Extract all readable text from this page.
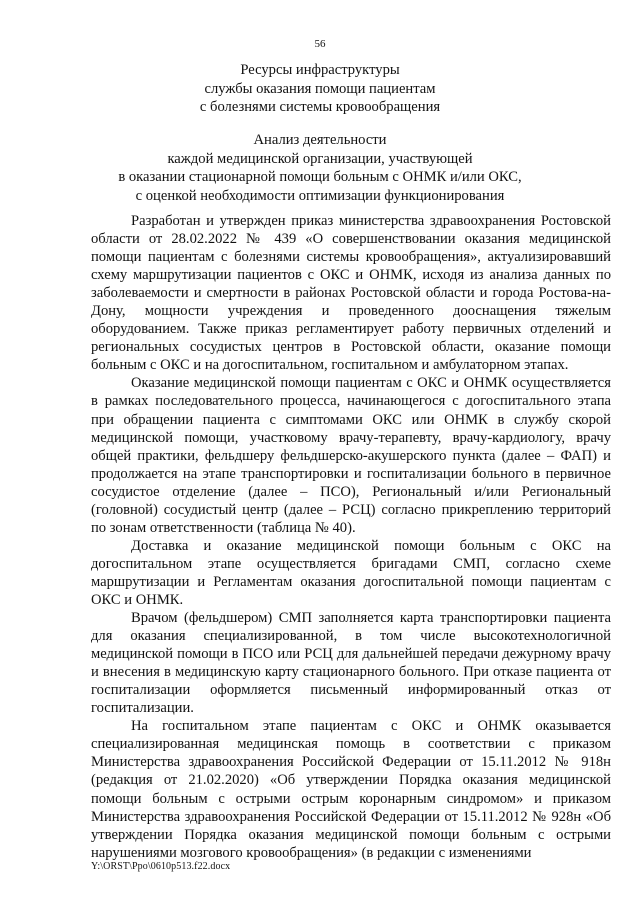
56
Ресурсы инфраструктуры
службы оказания помощи пациентам
с болезнями системы кровообращения
Анализ деятельности
каждой медицинской организации, участвующей
в оказании стационарной помощи больным с ОНМК и/или ОКС,
с оценкой необходимости оптимизации функционирования

Разработан и утвержден приказ министерства здравоохранения Ростовской области от 28.02.2022 № 439 «О совершенствовании оказания медицинской помощи пациентам с болезнями системы кровообращения», актуализировавший схему маршрутизации пациентов с ОКС и ОНМК, исходя из анализа данных по заболеваемости и смертности в районах Ростовской области и города Ростова-на-Дону, мощности учреждения и проведенного дооснащения тяжелым оборудованием. Также приказ регламентирует работу первичных отделений и региональных сосудистых центров в Ростовской области, оказание помощи больным с ОКС и на догоспитальном, госпитальном и амбулаторном этапах.

Оказание медицинской помощи пациентам с ОКС и ОНМК осуществляется в рамках последовательного процесса, начинающегося с догоспитального этапа при обращении пациента с симптомами ОКС или ОНМК в службу скорой медицинской помощи, участковому врачу-терапевту, врачу-кардиологу, врачу общей практики, фельдшеру фельдшерско-акушерского пункта (далее – ФАП) и продолжается на этапе транспортировки и госпитализации больного в первичное сосудистое отделение (далее – ПСО), Региональный и/или Региональный (головной) сосудистый центр (далее – РСЦ) согласно прикреплению территорий по зонам ответственности (таблица № 40).

Доставка и оказание медицинской помощи больным с ОКС на догоспитальном этапе осуществляется бригадами СМП, согласно схеме маршрутизации и Регламентам оказания догоспитальной помощи пациентам с ОКС и ОНМК.

Врачом (фельдшером) СМП заполняется карта транспортировки пациента для оказания специализированной, в том числе высокотехнологичной медицинской помощи в ПСО или РСЦ для дальнейшей передачи дежурному врачу и внесения в медицинскую карту стационарного больного. При отказе пациента от госпитализации оформляется письменный информированный отказ от госпитализации.

На госпитальном этапе пациентам с ОКС и ОНМК оказывается специализированная медицинская помощь в соответствии с приказом Министерства здравоохранения Российской Федерации от 15.11.2012 № 918н (редакция от 21.02.2020) «Об утверждении Порядка оказания медицинской помощи больным с острыми острым коронарным синдромом» и приказом Министерства здравоохранения Российской Федерации от 15.11.2012 № 928н «Об утверждении Порядка оказания медицинской помощи больным с острыми нарушениями мозгового кровообращения» (в редакции с изменениями

Y:\ORST\Ppo\0610p513.f22.docx
